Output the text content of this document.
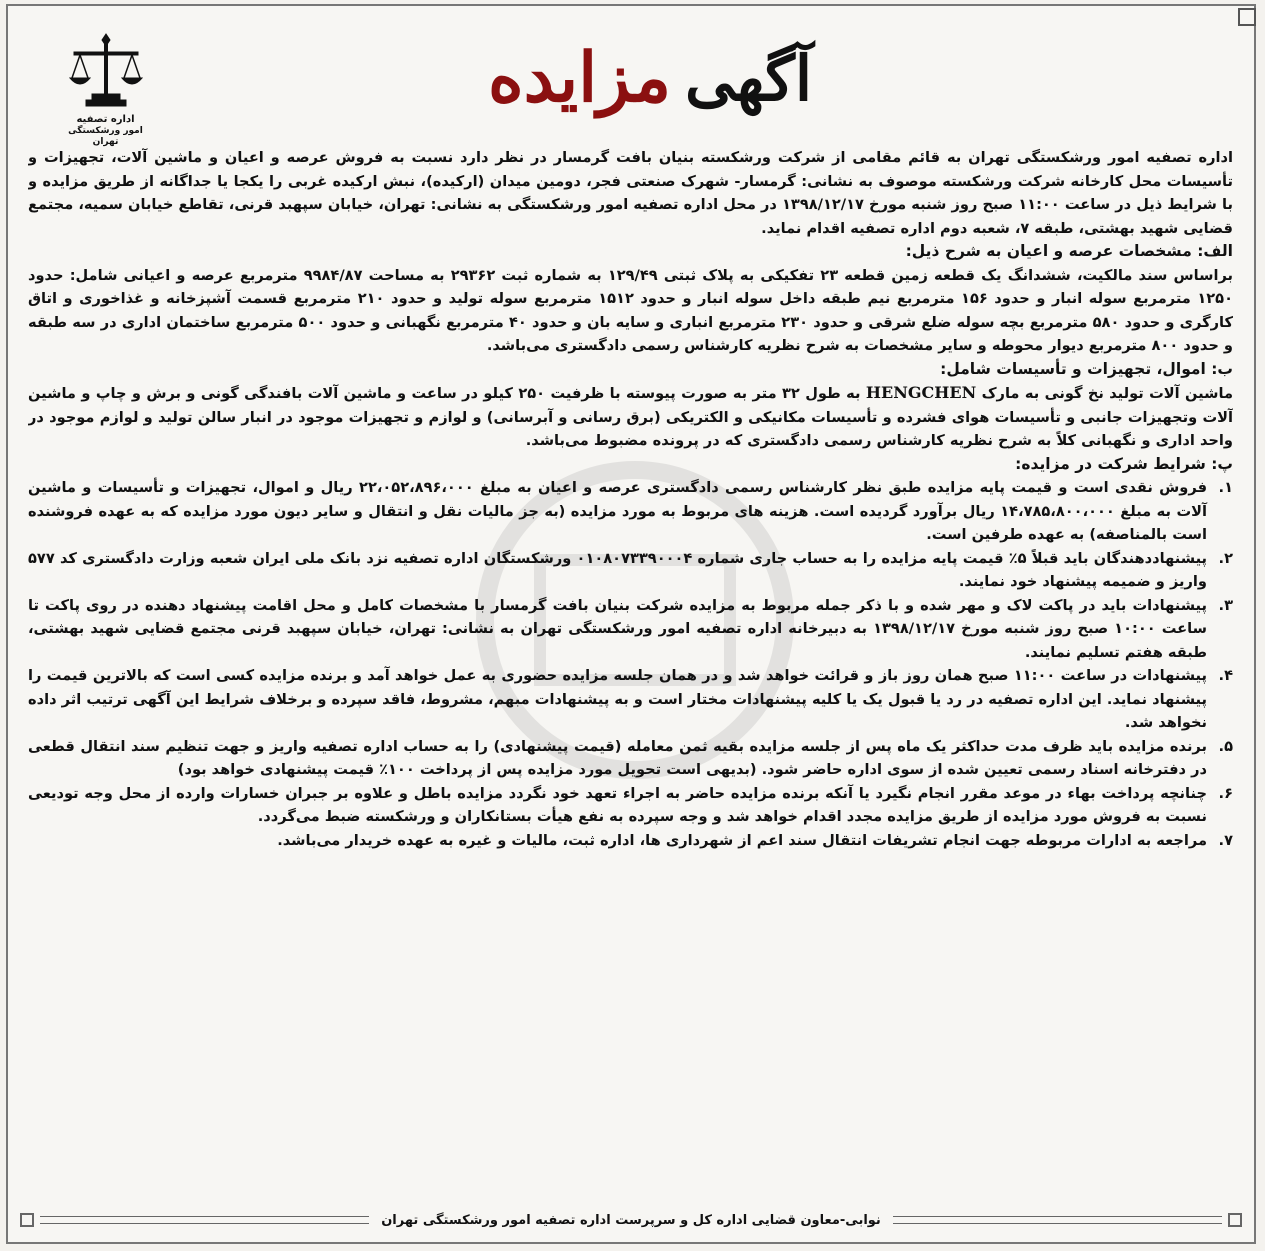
اداره تصفیه
امور ورشکستگی تهران
آگهی
مزایده

اداره تصفیه امور ورشکستگی تهران به قائم مقامی از شرکت ورشکسته بنیان بافت گرمسار در نظر دارد نسبت به فروش عرصه و اعیان و ماشین آلات، تجهیزات و تأسیسات محل کارخانه شرکت ورشکسته موصوف به نشانی: گرمسار- شهرک صنعتی فجر، دومین میدان (ارکیده)، نبش ارکیده غربی را یکجا یا جداگانه از طریق مزایده و با شرایط ذیل در ساعت ۱۱:۰۰ صبح روز شنبه مورخ ۱۳۹۸/۱۲/۱۷ در محل اداره تصفیه امور ورشکستگی به نشانی: تهران، خیابان سپهبد قرنی، تقاطع خیابان سمیه، مجتمع قضایی شهید بهشتی، طبقه ۷، شعبه دوم اداره تصفیه اقدام نماید.

الف: مشخصات عرصه و اعیان به شرح ذیل:

براساس سند مالکیت، ششدانگ یک قطعه زمین قطعه ۲۳ تفکیکی به پلاک ثبتی ۱۲۹/۴۹ به شماره ثبت ۲۹۳۶۲ به مساحت ۹۹۸۴/۸۷ مترمربع عرصه و اعیانی شامل: حدود ۱۲۵۰ مترمربع سوله انبار و حدود ۱۵۶ مترمربع نیم طبقه داخل سوله انبار و حدود ۱۵۱۲ مترمربع سوله تولید و حدود ۲۱۰ مترمربع قسمت آشپزخانه و غذاخوری و اتاق کارگری و حدود ۵۸۰ مترمربع بچه سوله ضلع شرقی و حدود ۲۳۰ مترمربع انباری و سایه بان و حدود ۴۰ مترمربع نگهبانی و حدود ۵۰۰ مترمربع ساختمان اداری در سه طبقه و حدود ۸۰۰ مترمربع دیوار محوطه و سایر مشخصات به شرح نظریه کارشناس رسمی دادگستری می‌باشد.

ب: اموال، تجهیزات و تأسیسات شامل:

ماشین آلات تولید نخ گونی به مارک HENGCHEN به طول ۳۲ متر به صورت پیوسته با ظرفیت ۲۵۰ کیلو در ساعت و ماشین آلات بافندگی گونی و برش و چاپ و ماشین آلات وتجهیزات جانبی و تأسیسات هوای فشرده و تأسیسات مکانیکی و الکتریکی (برق رسانی و آبرسانی) و لوازم و تجهیزات موجود در انبار سالن تولید و لوازم موجود در واحد اداری و نگهبانی کلاً به شرح نظریه کارشناس رسمی دادگستری که در پرونده مضبوط می‌باشد.

پ: شرایط شرکت در مزایده:

۱.
فروش نقدی است و قیمت پایه مزایده طبق نظر کارشناس رسمی دادگستری عرصه و اعیان به مبلغ ۲۲،۰۵۲،۸۹۶،۰۰۰ ریال و اموال، تجهیزات و تأسیسات و ماشین آلات به مبلغ ۱۴،۷۸۵،۸۰۰،۰۰۰ ریال برآورد گردیده است. هزینه های مربوط به مورد مزایده (به جز مالیات نقل و انتقال و سایر دیون مورد مزایده که به عهده فروشنده است بالمناصفه) به عهده طرفین است.
۲.
پیشنهاددهندگان باید قبلاً ۵٪ قیمت پایه مزایده را به حساب جاری شماره ۰۱۰۸۰۷۳۳۹۰۰۰۴ ورشکستگان اداره تصفیه نزد بانک ملی ایران شعبه وزارت دادگستری کد ۵۷۷ واریز و ضمیمه پیشنهاد خود نمایند.
۳.
پیشنهادات باید در پاکت لاک و مهر شده و با ذکر جمله مربوط به مزایده شرکت بنیان بافت گرمسار با مشخصات کامل و محل اقامت پیشنهاد دهنده در روی پاکت تا ساعت ۱۰:۰۰ صبح روز شنبه مورخ ۱۳۹۸/۱۲/۱۷ به دبیرخانه اداره تصفیه امور ورشکستگی تهران به نشانی: تهران، خیابان سپهبد قرنی مجتمع قضایی شهید بهشتی، طبقه هفتم تسلیم نمایند.
۴.
پیشنهادات در ساعت ۱۱:۰۰ صبح همان روز باز و قرائت خواهد شد و در همان جلسه مزایده حضوری به عمل خواهد آمد و برنده مزایده کسی است که بالاترین قیمت را پیشنهاد نماید. این اداره تصفیه در رد یا قبول یک یا کلیه پیشنهادات مختار است و به پیشنهادات مبهم، مشروط، فاقد سپرده و برخلاف شرایط این آگهی ترتیب اثر داده نخواهد شد.
۵.
برنده مزایده باید ظرف مدت حداکثر یک ماه پس از جلسه مزایده بقیه ثمن معامله (قیمت پیشنهادی) را به حساب اداره تصفیه واریز و جهت تنظیم سند انتقال قطعی در دفترخانه اسناد رسمی تعیین شده از سوی اداره حاضر شود. (بدیهی است تحویل مورد مزایده پس از پرداخت ۱۰۰٪ قیمت پیشنهادی خواهد بود)
۶.
چنانچه پرداخت بهاء در موعد مقرر انجام نگیرد یا آنکه برنده مزایده حاضر به اجراء تعهد خود نگردد مزایده باطل و علاوه بر جبران خسارات وارده از محل وجه تودیعی نسبت به فروش مورد مزایده از طریق مزایده مجدد اقدام خواهد شد و وجه سپرده به نفع هیأت بستانکاران و ورشکسته ضبط می‌گردد.
۷.
مراجعه به ادارات مربوطه جهت انجام تشریفات انتقال سند اعم از شهرداری ها، اداره ثبت، مالیات و غیره به عهده خریدار می‌باشد.
نوابی-معاون قضایی اداره کل و سرپرست اداره تصفیه امور ورشکستگی تهران
